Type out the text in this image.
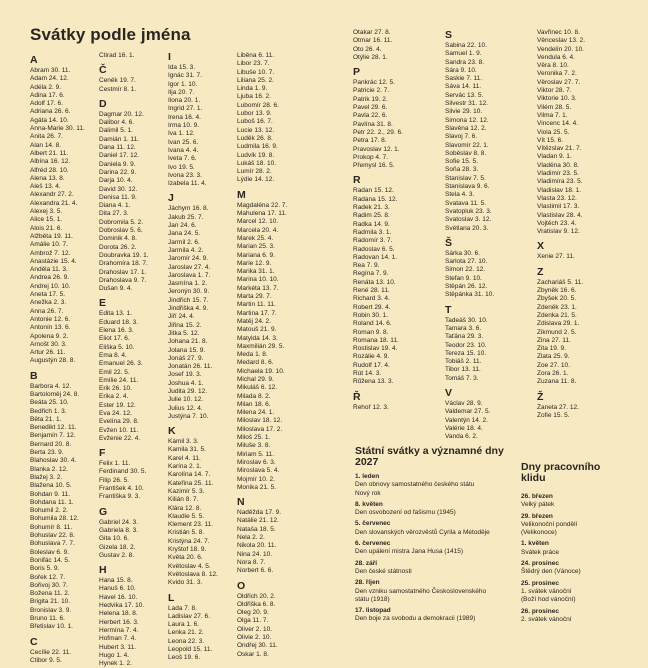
Svátky podle jména
A
Abram 30. 11.
Adam 24. 12.
Adéla 2. 9.
Adina 17. 6.
Adolf 17. 6.
Adriana 26. 6.
Agáta 14. 10.
Anna-Marie 30. 11.
Anita 26. 7.
Alan 14. 8.
Albert 21. 11.
Albína 16. 12.
Alfréd 28. 10.
Alena 13. 8.
Aleš 13. 4.
Alexandr 27. 2.
Alexandra 21. 4.
Alexej 3. 5.
Alice 15. 1.
Alois 21. 6.
Alžběta 19. 11.
Amálie 10. 7.
Ambrož 7. 12.
Anastázie 15. 4.
Anděla 11. 3.
Andrea 26. 9.
Andrej 10. 10.
Aneta 17. 5.
Anežka 2. 3.
Anna 26. 7.
Antonie 12. 6.
Antonín 13. 6.
Apolena 9. 2.
Arnošt 30. 3.
Artur 26. 11.
Augustýn 28. 8.
B
Barbora 4. 12.
Bartoloměj 24. 8.
Beáta 25. 10.
Bedřich 1. 3.
Běta 21. 1.
Benedikt 12. 11.
Benjamín 7. 12.
Bernard 20. 8.
Berta 23. 9.
Blahoslav 30. 4.
Blanka 2. 12.
Blažej 3. 2.
Blažena 10. 5.
Bohdan 9. 11.
Bohdana 11. 1.
Bohumil 2. 2.
Bohumila 28. 12.
Bohumír 8. 11.
Bohuslav 22. 8.
Bohuslava 7. 7.
Boleslav 6. 9.
Bonifác 14. 5.
Boris 5. 9.
Bořek 12. 7.
Bořivoj 30. 7.
Božena 11. 2.
Brigita 21. 10.
Bronislav 3. 9.
Bruno 11. 6.
Břetislav 10. 1.
C
Cecílie 22. 11.
Ctibor 9. 5.
Ctirad 16. 1.
Č
Čeněk 19. 7.
Čestmír 8. 1.
D
Dagmar 20. 12.
Dalibor 4. 6.
Dalimil 5. 1.
Damián 1. 11.
Dana 11. 12.
Daniel 17. 12.
Daniela 9. 9.
Darina 22. 9.
Darja 10. 4.
David 30. 12.
Denisa 11. 9.
Diana 4. 1.
Dita 27. 3.
Dobromila 5. 2.
Dobroslav 5. 6.
Dominik 4. 8.
Dorota 26. 2.
Doubravka 19. 1.
Drahomíra 18. 7.
Drahoslav 17. 1.
Drahoslava 9. 7.
Dušan 9. 4.
E
Edita 13. 1.
Eduard 18. 3.
Elena 16. 3.
Eliot 17. 6.
Eliška 5. 10.
Ema 8. 4.
Emanuel 26. 3.
Emil 22. 5.
Emílie 24. 11.
Erik 26. 10.
Erika 2. 4.
Ester 19. 12.
Eva 24. 12.
Evelína 29. 8.
Evžen 10. 11.
Evženie 22. 4.
F
Felix 1. 11.
Ferdinand 30. 5.
Filip 26. 5.
František 4. 10.
Františka 9. 3.
G
Gabriel 24. 3.
Gabriela 8. 3.
Gita 10. 6.
Gizela 18. 2.
Gustav 2. 8.
H
Hana 15. 8.
Hanuš 6. 10.
Havel 16. 10.
Hedvika 17. 10.
Helena 18. 8.
Herbert 16. 3.
Hermína 7. 4.
Hofman 7. 4.
Hubert 3. 11.
Hugo 1. 4.
Hynek 1. 2.
I
Ida 15. 3.
Ignác 31. 7.
Igor 1. 10.
Ilja 20. 7.
Ilona 20. 1.
Ingrid 27. 1.
Irena 16. 4.
Irma 10. 9.
Iva 1. 12.
Ivan 25. 6.
Ivana 4. 4.
Iveta 7. 6.
Ivo 19. 5.
Ivona 23. 3.
Izabela 11. 4.
J
Jáchym 16. 8.
Jakub 25. 7.
Jan 24. 6.
Jana 24. 5.
Jarmil 2. 6.
Jarmila 4. 2.
Jaromír 24. 9.
Jaroslav 27. 4.
Jaroslava 1. 7.
Jasmína 1. 2.
Jeronýn 30. 9.
Jindřich 15. 7.
Jindřiška 4. 9.
Jiří 24. 4.
Jiřina 15. 2.
Jitka 5. 12.
Johana 21. 8.
Jolana 15. 9.
Jonáš 27. 9.
Jonatán 26. 11.
Josef 19. 3.
Joshua 4. 1.
Judita 29. 12.
Julie 10. 12.
Julius 12. 4.
Justýna 7. 10.
K
Kamil 3. 3.
Kamila 31. 5.
Karel 4. 11.
Karína 2. 1.
Karolína 14. 7.
Kateřina 25. 11.
Kazimír 5. 3.
Kilián 8. 7.
Klára 12. 8.
Klaudie 5. 5.
Klement 23. 11.
Kristián 5. 8.
Kristýna 24. 7.
Kryštof 18. 9.
Květa 20. 6.
Květoslav 4. 5.
Květoslava 8. 12.
Kvido 31. 3.
L
Lada 7. 8.
Ladislav 27. 6.
Laura 1. 6.
Lenka 21. 2.
Leona 22. 3.
Leopold 15. 11.
Leoš 19. 6.
Liběna 6. 11.
Libor 23. 7.
Libuše 10. 7.
Liliana 25. 2.
Linda 1. 9.
Ljuba 16. 2.
Lubomír 28. 6.
Lubor 13. 9.
Luboš 16. 7.
Lucie 13. 12.
Luděk 26. 8.
Ludmila 16. 9.
Ludvík 19. 8.
Lukáš 18. 10.
Lumír 28. 2.
Lýdie 14. 12.
M
Magdaléna 22. 7.
Mahulena 17. 11.
Marcel 12. 10.
Marcela 20. 4.
Marek 25. 4.
Marian 25. 3.
Mariana 6. 9.
Marie 12. 9.
Marika 31. 1.
Marina 10. 10.
Markéta 13. 7.
Marta 29. 7.
Martin 11. 11.
Martina 17. 7.
Matěj 24. 2.
Matouš 21. 9.
Matylda 14. 3.
Maxmilián 29. 5.
Meda 1. 8.
Medard 8. 6.
Michaela 19. 10.
Michal 29. 9.
Mikuláš 6. 12.
Milada 8. 2.
Milan 18. 6.
Milena 24. 1.
Miloslav 18. 12.
Miloslava 17. 2.
Miloš 25. 1.
Miluše 3. 8.
Miriam 5. 11.
Miroslav 6. 3.
Miroslava 5. 4.
Mojmír 10. 2.
Monika 21. 5.
N
Naděžda 17. 9.
Natálie 21. 12.
Nataša 18. 5.
Nela 2. 2.
Nikola 20. 11.
Nina 24. 10.
Nora 8. 7.
Norbert 6. 6.
O
Oldřich 20. 2.
Oldřiška 6. 8.
Oleg 20. 9.
Olga 11. 7.
Oliver 2. 10.
Olivie 2. 10.
Ondřej 30. 11.
Oskar 1. 8.
Otakar 27. 8.
Otmar 16. 11.
Oto 26. 4.
Otýlie 28. 1.
P
Pankrác 12. 5.
Patricie 2. 7.
Patrik 19. 2.
Pavel 29. 6.
Pavla 22. 6.
Pavlína 31. 8.
Petr 22. 2., 29. 6.
Petra 17. 8.
Pravoslav 12. 1.
Prokop 4. 7.
Přemysl 16. 5.
R
Radan 15. 12.
Radana 15. 12.
Radek 21. 3.
Radim 25. 8.
Radka 14. 9.
Radmila 3. 1.
Radomír 3. 7.
Radoslav 6. 5.
Radovan 14. 1.
Rea 7. 9.
Regína 7. 9.
Renáta 13. 10.
René 28. 11.
Richard 3. 4.
Robert 29. 4.
Robin 30. 1.
Roland 14. 6.
Roman 9. 8.
Romana 18. 11.
Rostislav 19. 4.
Rozálie 4. 9.
Rudolf 17. 4.
Rút 14. 3.
Růžena 13. 3.
Ř
Řehoř 12. 3.
S
Sabina 22. 10.
Samuel 1. 9.
Sandra 23. 8.
Sára 9. 10.
Saskie 7. 11.
Sáva 14. 11.
Servác 13. 5.
Silvestr 31. 12.
Silvie 29. 10.
Simona 12. 12.
Slavěna 12. 2.
Slavoj 7. 6.
Slavomír 22. 1.
Soběslav 8. 8.
Sofie 15. 5.
Soňa 28. 3.
Stanislav 7. 5.
Stanislava 9. 6.
Stela 4. 3.
Svatava 11. 5.
Svatopluk 23. 3.
Svatoslav 3. 12.
Světlana 20. 3.
Š
Šárka 30. 6.
Šarlota 27. 10.
Šimon 22. 12.
Štefan 9. 10.
Štěpán 26. 12.
Štěpánka 31. 10.
T
Tadeáš 30. 10.
Tamara 3. 6.
Taťána 29. 3.
Teodor 23. 10.
Tereza 15. 10.
Tobiáš 2. 11.
Tibor 13. 11.
Tomáš 7. 3.
V
Václav 28. 9.
Valdemar 27. 5.
Valentýn 14. 2.
Valérie 18. 4.
Vanda 6. 2.
Vavřinec 10. 8.
Věnceslav 13. 2.
Vendelín 20. 10.
Vendula 6. 4.
Věra 8. 10.
Veronika 7. 2.
Věroslav 27. 7.
Viktor 28. 7.
Viktorie 10. 3.
Vilém 28. 5.
Vilma 7. 1.
Vincenc 14. 4.
Viola 25. 5.
Vít 15. 6.
Vítězslav 21. 7.
Vladan 9. 1.
Vladěna 30. 8.
Vladimír 23. 5.
Vladimíra 23. 5.
Vladislav 18. 1.
Vlasta 23. 12.
Vlastimil 17. 3.
Vlastislav 28. 4.
Vojtěch 23. 4.
Vratislav 9. 12.
X
Xenie 27. 11.
Z
Zachariáš 5. 11.
Zbyněk 16. 6.
Zbyšek 20. 5.
Zdeněk 23. 1.
Zdenka 21. 5.
Zdislava 29. 1.
Zikmund 2. 5.
Zina 27. 11.
Zita 19. 9.
Zlata 25. 9.
Zoe 27. 10.
Zora 26. 1.
Zuzana 11. 8.
Ž
Žaneta 27. 12.
Žofie 15. 5.
Státní svátky a významné dny 2027
1. leden
Den obnovy samostatného českého státu
Nový rok
8. květen
Den osvobození od fašismu (1945)
5. červenec
Den slovanských věrozvěstů Cyrila a Metoděje
6. červenec
Den upálení mistra Jana Husa (1415)
28. září
Den české státnosti
28. říjen
Den vzniku samostatného Československého
státu (1918)
17. listopad
Den boje za svobodu a demokracii (1989)
Dny pracovního klidu
26. březen
Velký pátek
29. březen
Velikonoční pondělí
(Velikonoce)
1. květen
Svátek práce
24. prosinec
Štědrý den (Vánoce)
25. prosinec
1. svátek vánoční
(Boží hod vánoční)
26. prosinec
2. svátek vánoční
